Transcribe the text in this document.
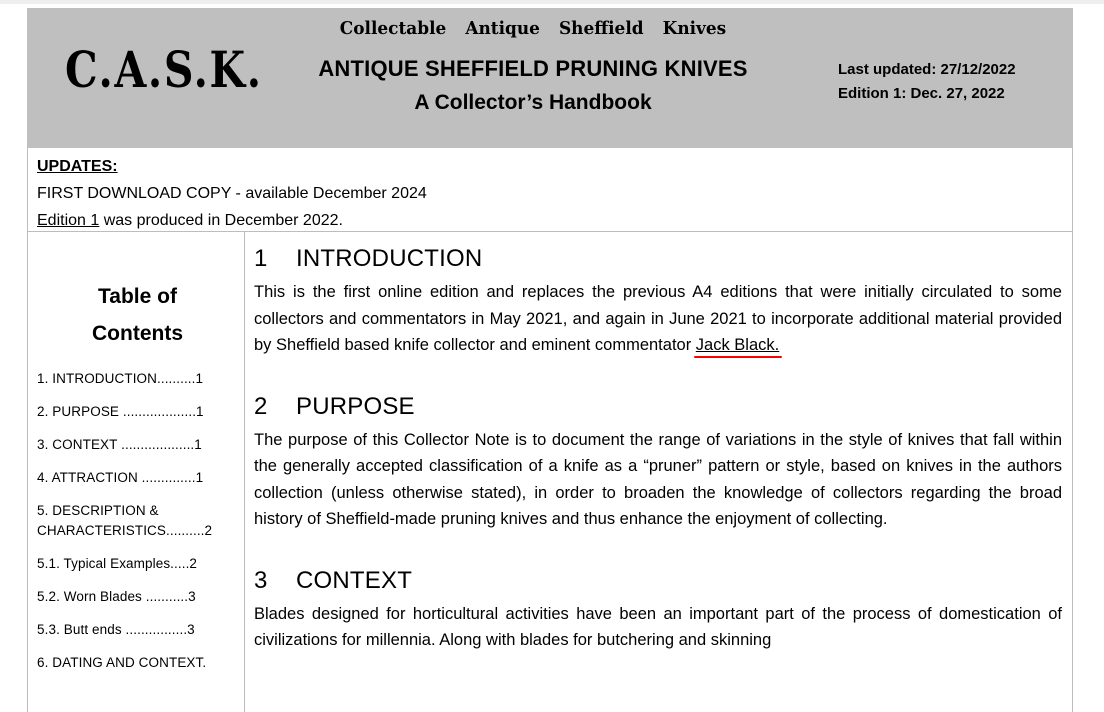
C.A.S.K.
Collectable Antique Sheffield Knives
ANTIQUE SHEFFIELD PRUNING KNIVES
A Collector’s Handbook
Last updated: 27/12/2022
Edition 1: Dec. 27, 2022
UPDATES:
FIRST DOWNLOAD COPY - available December 2024
Edition 1 was produced in December 2022.
Table of
Contents
1. INTRODUCTION..........1
2. PURPOSE ...................1
3. CONTEXT ...................1
4. ATTRACTION ..............1
5. DESCRIPTION & CHARACTERISTICS..........2
5.1. Typical Examples.....2
5.2. Worn Blades ...........3
5.3. Butt ends ................3
6. DATING AND CONTEXT.
1 INTRODUCTION

This is the first online edition and replaces the previous A4 editions that were initially circulated to some collectors and commentators in May 2021, and again in June 2021 to incorporate additional material provided by Sheffield based knife collector and eminent commentator Jack Black.

2 PURPOSE

The purpose of this Collector Note is to document the range of variations in the style of knives that fall within the generally accepted classification of a knife as a “pruner” pattern or style, based on knives in the authors collection (unless otherwise stated), in order to broaden the knowledge of collectors regarding the broad history of Sheffield-made pruning knives and thus enhance the enjoyment of collecting.

3 CONTEXT

Blades designed for horticultural activities have been an important part of the process of domestication of civilizations for millennia. Along with blades for butchering and skinning
